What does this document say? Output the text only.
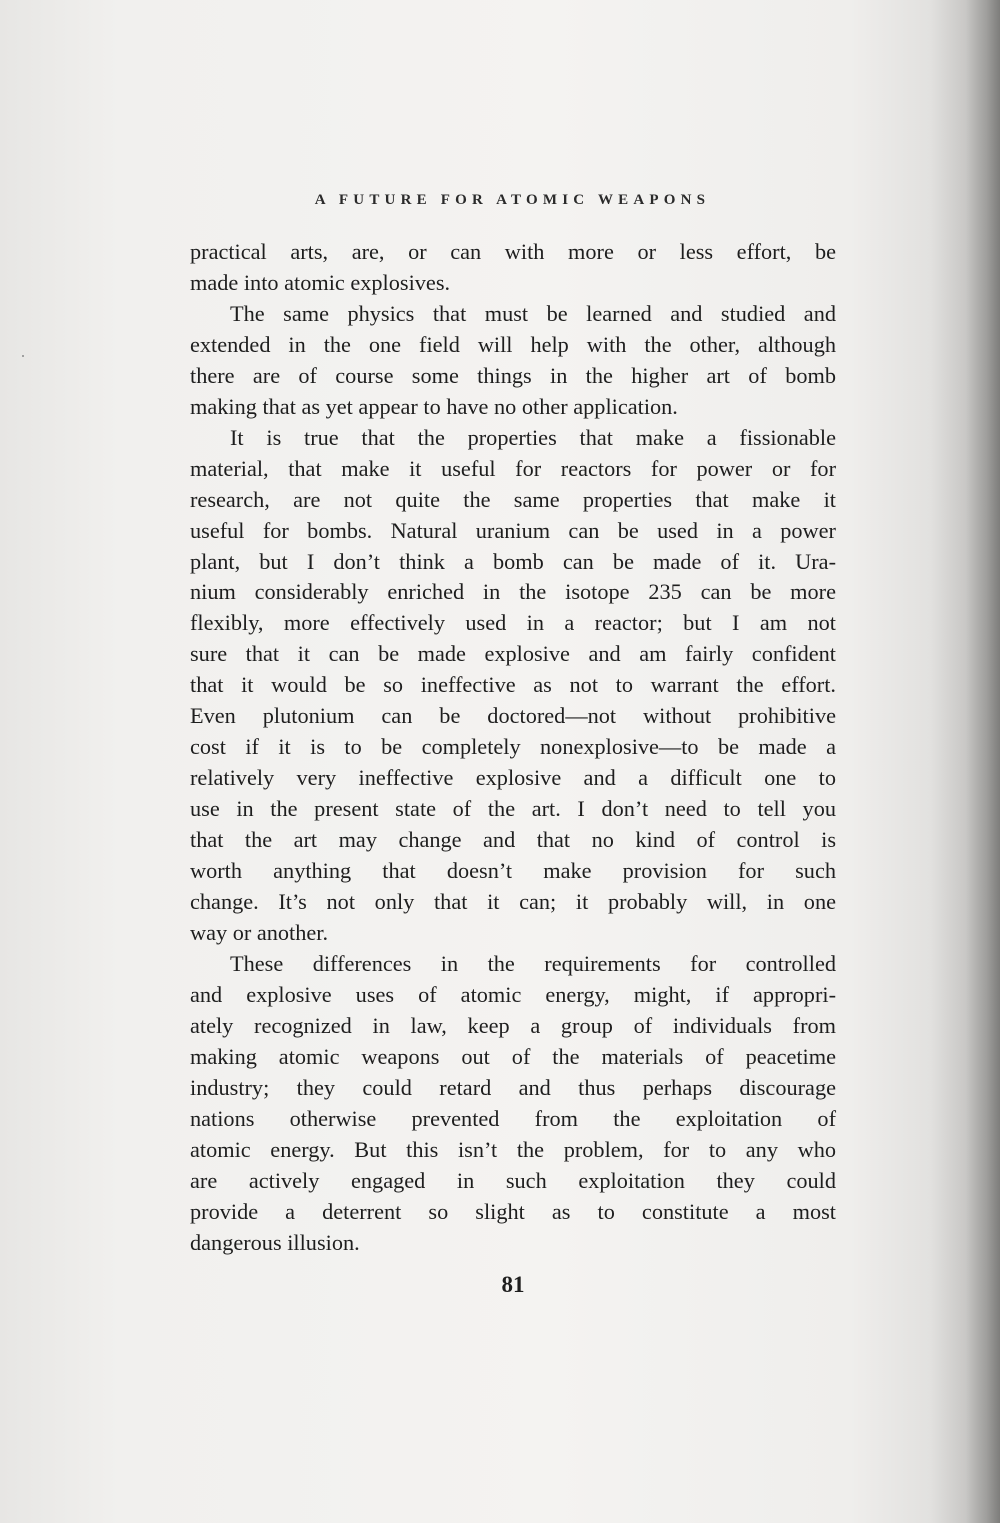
A FUTURE FOR ATOMIC WEAPONS

practical arts, are, or can with more or less effort, be
made into atomic explosives.

The same physics that must be learned and studied and
extended in the one field will help with the other, although
there are of course some things in the higher art of bomb
making that as yet appear to have no other application.

It is true that the properties that make a fissionable
material, that make it useful for reactors for power or for
research, are not quite the same properties that make it
useful for bombs. Natural uranium can be used in a power
plant, but I don’t think a bomb can be made of it. Ura-
nium considerably enriched in the isotope 235 can be more
flexibly, more effectively used in a reactor; but I am not
sure that it can be made explosive and am fairly confident
that it would be so ineffective as not to warrant the effort.
Even plutonium can be doctored—not without prohibitive
cost if it is to be completely nonexplosive—to be made a
relatively very ineffective explosive and a difficult one to
use in the present state of the art. I don’t need to tell you
that the art may change and that no kind of control is
worth anything that doesn’t make provision for such
change. It’s not only that it can; it probably will, in one
way or another.

These differences in the requirements for controlled
and explosive uses of atomic energy, might, if appropri-
ately recognized in law, keep a group of individuals from
making atomic weapons out of the materials of peacetime
industry; they could retard and thus perhaps discourage
nations otherwise prevented from the exploitation of
atomic energy. But this isn’t the problem, for to any who
are actively engaged in such exploitation they could
provide a deterrent so slight as to constitute a most
dangerous illusion.

81
